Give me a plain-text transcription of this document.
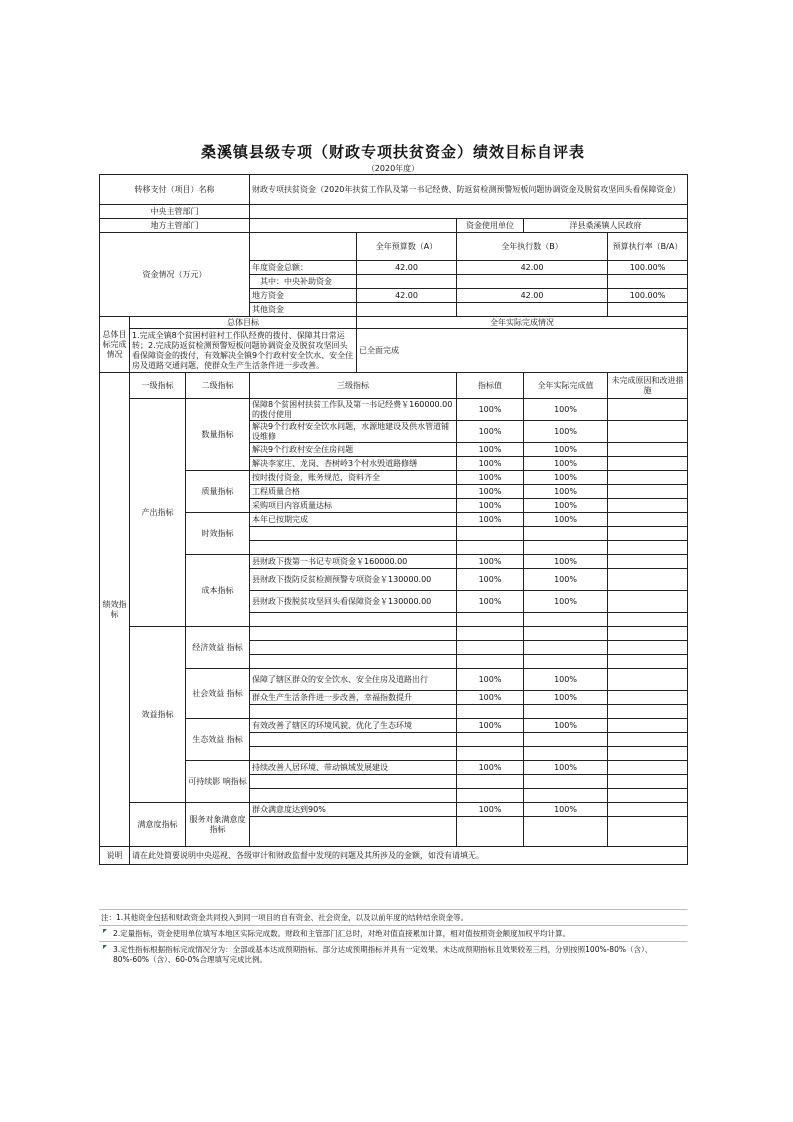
桑溪镇县级专项（财政专项扶贫资金）绩效目标自评表
（2020年度）
转移支付（项目）名称			财政专项扶贫资金（2020年扶贫工作队及第一书记经费、防返贫检测预警短板问题协调资金及脱贫攻坚回头看保障资金）				
中央主管部门							
地方主管部门					资金使用单位	洋县桑溪镇人民政府	
资金情况（万元）				全年预算数（A）	全年执行数（B）		预算执行率（B/A）
			年度资金总额：	42.00	42.00		100.00%
			其中：中央补助资金				
			地方资金	42.00	42.00		100.00%
			其他资金				
总体目标完成情况	总体目标			全年实际完成情况			
	1.完成全镇8个贫困村驻村工作队经费的拨付、保障其日常运转；2.完成防返贫检测预警短板问题协调资金及脱贫攻坚回头看保障资金的拨付，有效解决全镇9个行政村安全饮水、安全住房及道路交通问题，使群众生产生活条件进一步改善。			已全面完成			
绩效指标	一级指标	二级指标	三级指标		指标值	全年实际完成值	未完成原因和改进措施
	产出指标	数量指标	保障8个贫困村扶贫工作队及第一书记经费￥160000.00的拨付使用		100%	100%	
			解决9个行政村安全饮水问题，水源地建设及供水管道铺设维修		100%	100%	
			解决9个行政村安全住房问题		100%	100%	
			解决李家庄、龙岗、杏树岭3个村水毁道路修缮		100%	100%	
		质量指标	按时拨付资金，账务规范，资料齐全		100%	100%	
			工程质量合格		100%	100%	
			采购项目内容质量达标		100%	100%	
		时效指标	本年已按期完成		100%	100%	

		成本指标	县财政下拨第一书记专项资金￥160000.00		100%	100%	
			县财政下拨防反贫检测预警专项资金￥130000.00		100%	100%	
			县财政下拨脱贫攻坚回头看保障资金￥130000.00		100%	100%	

	效益指标	经济效益 指标					

		社会效益 指标	保障了辖区群众的安全饮水、安全住房及道路出行		100%	100%	
			群众生产生活条件进一步改善，幸福指数提升		100%	100%	

		生态效益 指标	有效改善了辖区的环境风貌、优化了生态环境		100%	100%	

		可持续影 响指标	持续改善人居环境、带动镇域发展建设		100%	100%	

	满意度指标	服务对象满意度指标	群众满意度达到90%		100%	100%	

说明	请在此处简要说明中央巡视、各级审计和财政监督中发现的问题及其所涉及的金额，如没有请填无。						
注：1.其他资金包括和财政资金共同投入到同一项目的自有资金、社会资金，以及以前年度的结转结余资金等。
2.定量指标，资金使用单位填写本地区实际完成数。财政和主管部门汇总时，对绝对值直接累加计算，相对值按照资金额度加权平均计算。
3.定性指标根据指标完成情况分为：全部或基本达成预期指标、部分达成预期指标并具有一定效果、未达成预期指标且效果较差三档，分别按照100%-80%（含）、80%-60%（含）、60-0%合理填写完成比例。
